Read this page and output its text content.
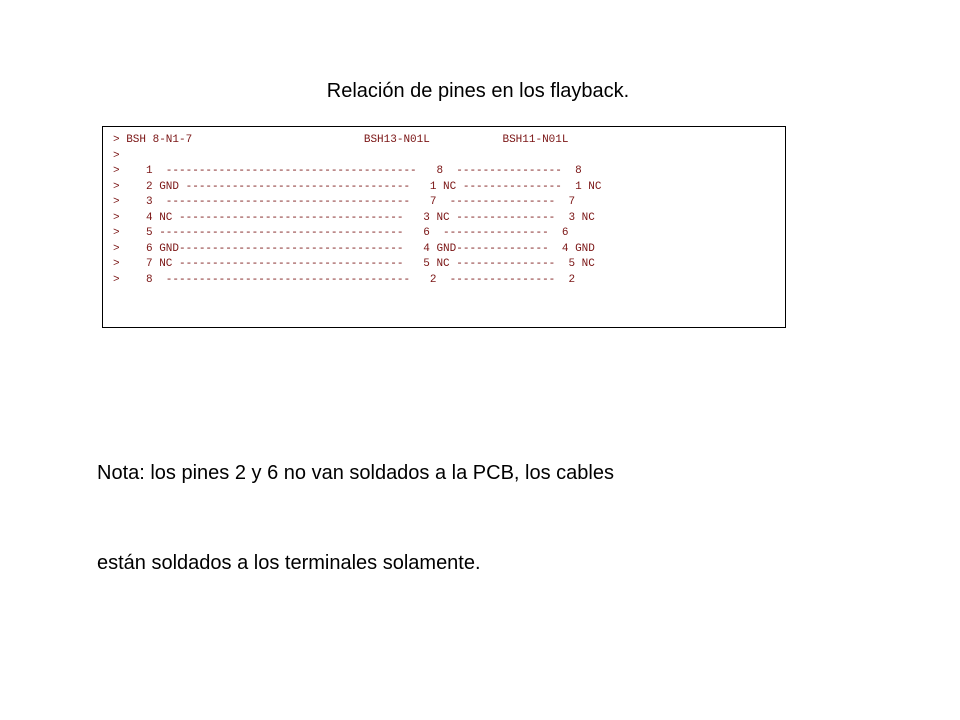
Relación de pines en los flayback.
> BSH 8-N1-7                          BSH13-N01L           BSH11-N01L
>
>    1  --------------------------------------   8  ----------------  8
>    2 GND ----------------------------------   1 NC ---------------  1 NC
>    3  -------------------------------------   7  ----------------  7
>    4 NC ----------------------------------   3 NC ---------------  3 NC
>    5 -------------------------------------   6  ----------------  6
>    6 GND----------------------------------   4 GND--------------  4 GND
>    7 NC ----------------------------------   5 NC ---------------  5 NC
>    8  -------------------------------------   2  ----------------  2

Nota: los pines 2 y 6 no van soldados a la PCB, los cables

están soldados a los terminales solamente.
